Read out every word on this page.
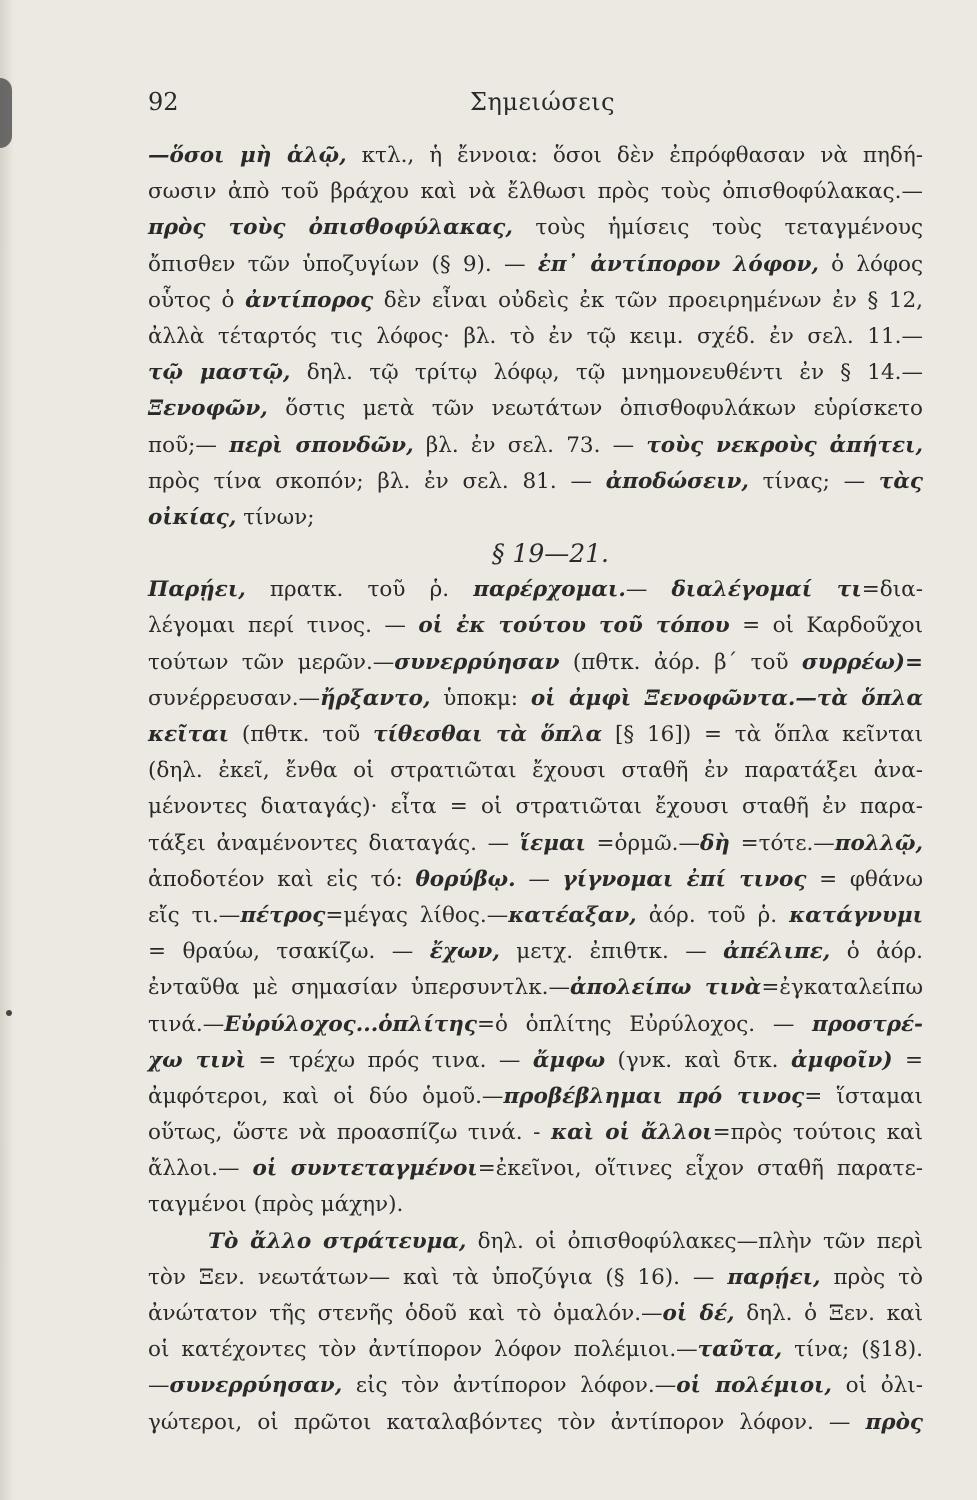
92	Σημειώσεις
—ὅσοι μὴ ἁλῷ, κτλ., ἡ ἔννοια: ὅσοι δὲν ἐπρόφθασαν νὰ πηδή-
σωσιν ἀπὸ τοῦ βράχου καὶ νὰ ἔλθωσι πρὸς τοὺς ὀπισθοφύλακας.—
πρὸς τοὺς ὀπισθοφύλακας, τοὺς ἡμίσεις τοὺς τεταγμένους
ὄπισθεν τῶν ὑποζυγίων (§ 9). — ἐπ᾽ ἀντίπορον λόφον, ὁ λόφος
οὗτος ὁ ἀντίπορος δὲν εἶναι οὐδεὶς ἐκ τῶν προειρημένων ἐν § 12,
ἀλλὰ τέταρτός τις λόφος· βλ. τὸ ἐν τῷ κειμ. σχέδ. ἐν σελ. 11.—
τῷ μαστῷ, δηλ. τῷ τρίτῳ λόφῳ, τῷ μνημονευθέντι ἐν § 14.—
Ξενοφῶν, ὅστις μετὰ τῶν νεωτάτων ὀπισθοφυλάκων εὑρίσκετο
ποῦ;— περὶ σπονδῶν, βλ. ἐν σελ. 73. — τοὺς νεκροὺς ἀπήτει,
πρὸς τίνα σκοπόν; βλ. ἐν σελ. 81. — ἀποδώσειν, τίνας; — τὰς
οἰκίας, τίνων;
§ 19—21.
Παρῄει, πρατκ. τοῦ ῥ. παρέρχομαι.— διαλέγομαί τι=δια-
λέγομαι περί τινος. — οἱ ἐκ τούτου τοῦ τόπου = οἱ Καρδοῦχοι
τούτων τῶν μερῶν.—συνερρύησαν (πθτκ. ἀόρ. β´ τοῦ συρρέω)=
συνέρρευσαν.—ἤρξαντο, ὑποκμ: οἱ ἀμφὶ Ξενοφῶντα.—τὰ ὅπλα
κεῖται (πθτκ. τοῦ τίθεσθαι τὰ ὅπλα [§ 16]) = τὰ ὅπλα κεῖνται
(δηλ. ἐκεῖ, ἔνθα οἱ στρατιῶται ἔχουσι σταθῆ ἐν παρατάξει ἀνα-
μένοντες διαταγάς)· εἶτα = οἱ στρατιῶται ἔχουσι σταθῆ ἐν παρα-
τάξει ἀναμένοντες διαταγάς. — ἵεμαι =ὁρμῶ.—δὴ =τότε.—πολλῷ,
ἀποδοτέον καὶ εἰς τό: θορύβῳ. — γίγνομαι ἐπί τινος = φθάνω
εἴς τι.—πέτρος=μέγας λίθος.—κατέαξαν, ἀόρ. τοῦ ῥ. κατάγνυμι
= θραύω, τσακίζω. — ἔχων, μετχ. ἐπιθτκ. — ἀπέλιπε, ὁ ἀόρ.
ἐνταῦθα μὲ σημασίαν ὑπερσυντλκ.—ἀπολείπω τινὰ=ἐγκαταλείπω
τινά.—Εὐρύλοχος...ὁπλίτης=ὁ ὁπλίτης Εὐρύλοχος. — προστρέ-
χω τινὶ = τρέχω πρός τινα. — ἄμφω (γνκ. καὶ δτκ. ἀμφοῖν) =
ἀμφότεροι, καὶ οἱ δύο ὁμοῦ.—προβέβλημαι πρό τινος= ἵσταμαι
οὕτως, ὥστε νὰ προασπίζω τινά. - καὶ οἱ ἄλλοι=πρὸς τούτοις καὶ
ἄλλοι.— οἱ συντεταγμένοι=ἐκεῖνοι, οἵτινες εἶχον σταθῆ παρατε-
ταγμένοι (πρὸς μάχην).
Τὸ ἄλλο στράτευμα, δηλ. οἱ ὀπισθοφύλακες—πλὴν τῶν περὶ
τὸν Ξεν. νεωτάτων— καὶ τὰ ὑποζύγια (§ 16). — παρῄει, πρὸς τὸ
ἀνώτατον τῆς στενῆς ὁδοῦ καὶ τὸ ὁμαλόν.—οἱ δέ, δηλ. ὁ Ξεν. καὶ
οἱ κατέχοντες τὸν ἀντίπορον λόφον πολέμιοι.—ταῦτα, τίνα; (§18).
—συνερρύησαν, εἰς τὸν ἀντίπορον λόφον.—οἱ πολέμιοι, οἱ ὀλι-
γώτεροι, οἱ πρῶτοι καταλαβόντες τὸν ἀντίπορον λόφον. — πρὸς
